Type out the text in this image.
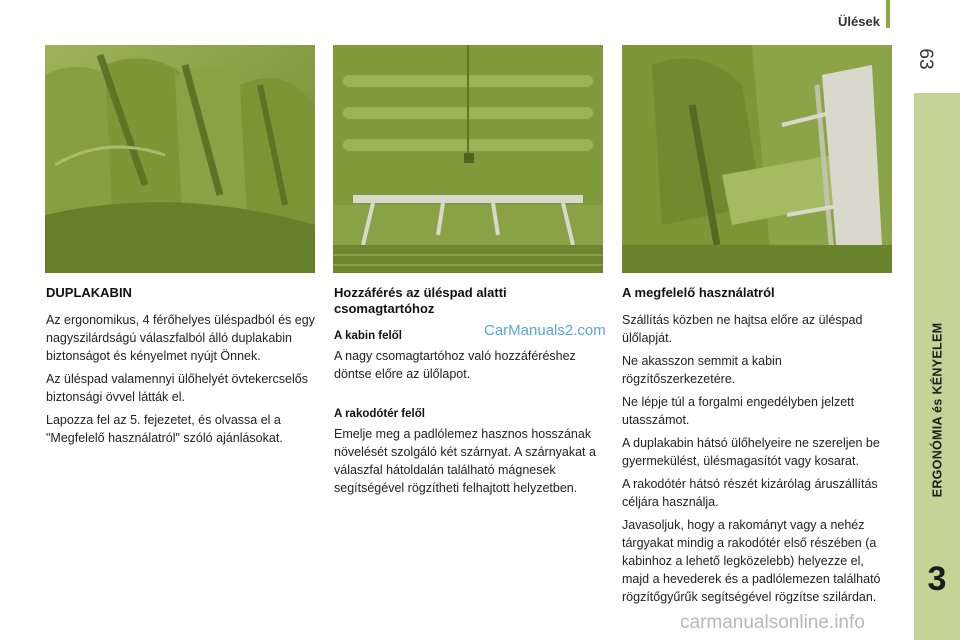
Ülések
63
ERGONÓMIA és KÉNYELEM
3
DUPLAKABIN

Az ergonomikus, 4 férőhelyes üléspadból és egy nagyszilárdságú válaszfalból álló duplakabin biztonságot és kényelmet nyújt Önnek.

Az üléspad valamennyi ülőhelyét övtekercselős biztonsági övvel látták el.

Lapozza fel az 5. fejezetet, és olvassa el a "Megfelelő használatról" szóló ajánlásokat.

Hozzáférés az üléspad alatti csomagtartóhoz
A kabin felől

A nagy csomagtartóhoz való hozzáféréshez döntse előre az ülőlapot.

A rakodótér felől

Emelje meg a padlólemez hasznos hosszának növelését szolgáló két szárnyat. A szárnyakat a válaszfal hátoldalán található mágnesek segítségével rögzítheti felhajtott helyzetben.

A megfelelő használatról

Szállítás közben ne hajtsa előre az üléspad ülőlapját.

Ne akasszon semmit a kabin rögzítőszerkezetére.

Ne lépje túl a forgalmi engedélyben jelzett utasszámot.

A duplakabin hátsó ülőhelyeire ne szereljen be gyermekülést, ülésmagasítót vagy kosarat.

A rakodótér hátsó részét kizárólag áruszállítás céljára használja.

Javasoljuk, hogy a rakományt vagy a nehéz tárgyakat mindig a rakodótér első részében (a kabinhoz a lehető legközelebb) helyezze el, majd a hevederek és a padlólemezen található rögzítőgyűrűk segítségével rögzítse szilárdan.

CarManuals2.com
carmanualsonline.info
